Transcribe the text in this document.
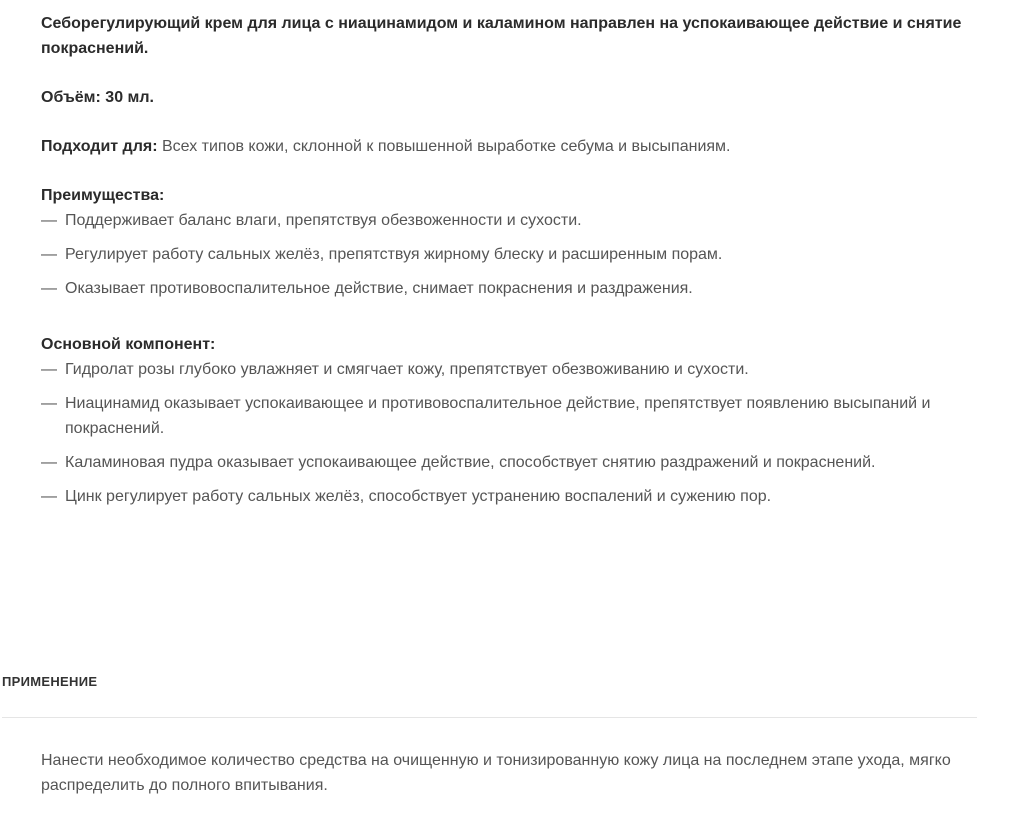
Себорегулирующий крем для лица с ниацинамидом и каламином направлен на успокаивающее действие и снятие покраснений.

Объём: 30 мл.

Подходит для: Всех типов кожи, склонной к повышенной выработке себума и высыпаниям.

Преимущества:

— Поддерживает баланс влаги, препятствуя обезвоженности и сухости.
— Регулирует работу сальных желёз, препятствуя жирному блеску и расширенным порам.
— Оказывает противовоспалительное действие, снимает покраснения и раздражения.

Основной компонент:

— Гидролат розы глубоко увлажняет и смягчает кожу, препятствует обезвоживанию и сухости.
— Ниацинамид оказывает успокаивающее и противовоспалительное действие, препятствует появлению высыпаний и покраснений.
— Каламиновая пудра оказывает успокаивающее действие, способствует снятию раздражений и покраснений.
— Цинк регулирует работу сальных желёз, способствует устранению воспалений и сужению пор.

ПРИМЕНЕНИЕ

Нанести необходимое количество средства на очищенную и тонизированную кожу лица на последнем этапе ухода, мягко распределить до полного впитывания.
